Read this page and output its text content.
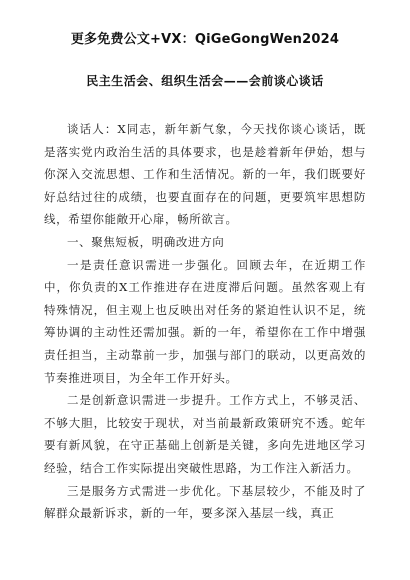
更多免费公文+VX：QiGeGongWen2024
民主生活会、组织生活会——会前谈心谈话

谈话人：X同志，新年新气象，今天找你谈心谈话，既是落实党内政治生活的具体要求，也是趁着新年伊始，想与你深入交流思想、工作和生活情况。新的一年，我们既要好好总结过往的成绩，也要直面存在的问题，更要筑牢思想防线，希望你能敞开心扉，畅所欲言。

一、聚焦短板，明确改进方向

一是责任意识需进一步强化。回顾去年，在近期工作中，你负责的X工作推进存在进度滞后问题。虽然客观上有特殊情况，但主观上也反映出对任务的紧迫性认识不足，统筹协调的主动性还需加强。新的一年，希望你在工作中增强责任担当，主动靠前一步，加强与部门的联动，以更高效的节奏推进项目，为全年工作开好头。

二是创新意识需进一步提升。工作方式上，不够灵活、不够大胆，比较安于现状，对当前最新政策研究不透。蛇年要有新风貌，在守正基础上创新是关键，多向先进地区学习经验，结合工作实际提出突破性思路，为工作注入新活力。

三是服务方式需进一步优化。下基层较少，不能及时了解群众最新诉求，新的一年，要多深入基层一线，真正
